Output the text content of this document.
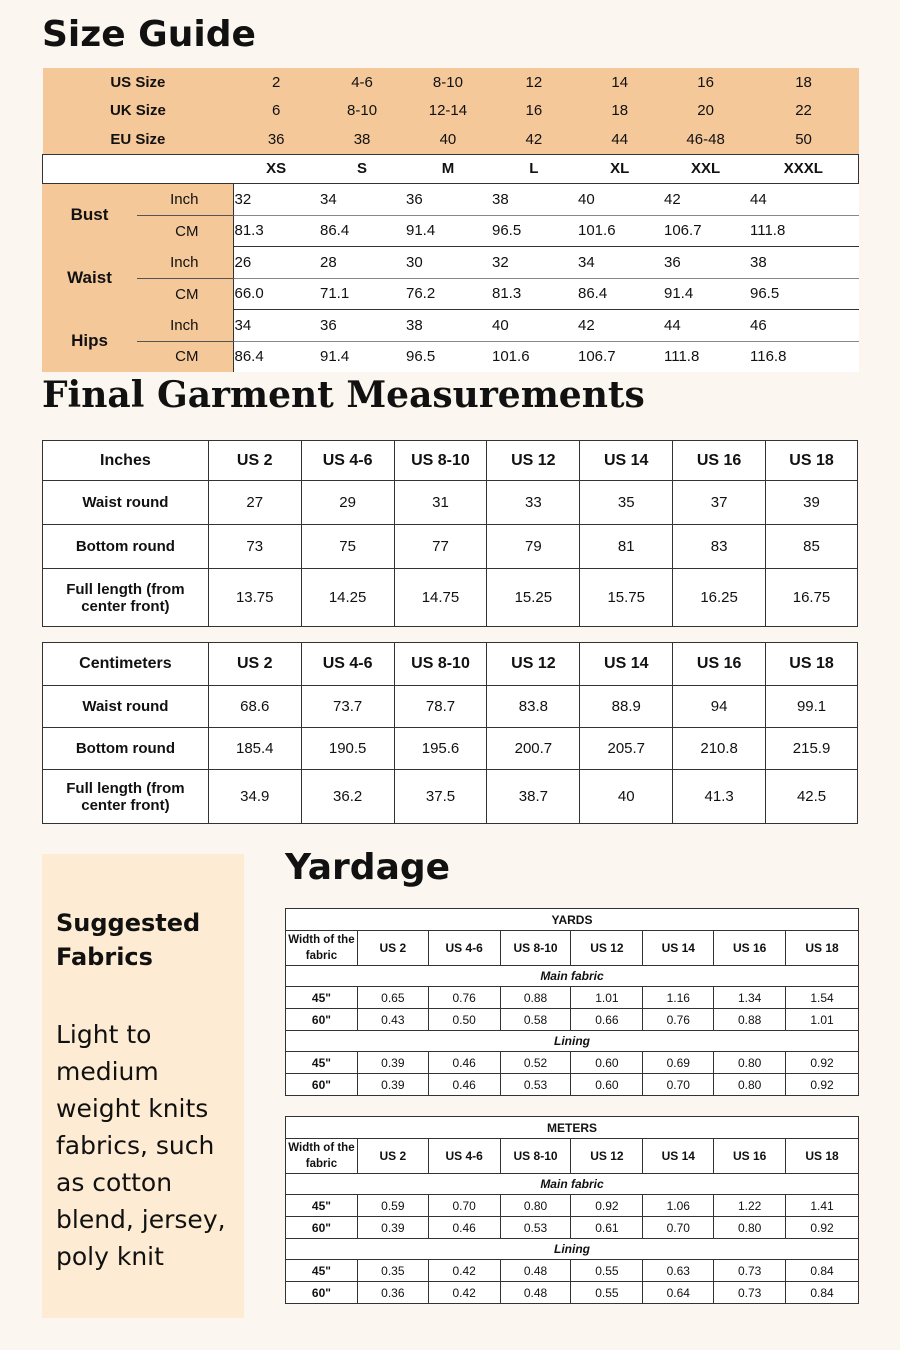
Size Guide
US Size	2	4-6	8-10	12	14	16	18
UK Size	6	8-10	12-14	16	18	20	22
EU Size	36	38	40	42	44	46-48	50
	XS	S	M	L	XL	XXL	XXXL
Bust	Inch	32	34	36	38	40	42	44
	CM	81.3	86.4	91.4	96.5	101.6	106.7	111.8
Waist	Inch	26	28	30	32	34	36	38
	CM	66.0	71.1	76.2	81.3	86.4	91.4	96.5
Hips	Inch	34	36	38	40	42	44	46
	CM	86.4	91.4	96.5	101.6	106.7	111.8	116.8
Final Garment Measurements
Inches	US 2	US 4-6	US 8-10	US 12	US 14	US 16	US 18
Waist round	27	29	31	33	35	37	39
Bottom round	73	75	77	79	81	83	85
Full length (from center front)	13.75	14.25	14.75	15.25	15.75	16.25	16.75
Centimeters	US 2	US 4-6	US 8-10	US 12	US 14	US 16	US 18
Waist round	68.6	73.7	78.7	83.8	88.9	94	99.1
Bottom round	185.4	190.5	195.6	200.7	205.7	210.8	215.9
Full length (from center front)	34.9	36.2	37.5	38.7	40	41.3	42.5
Suggested Fabrics
Light to medium weight knits fabrics, such as cotton blend, jersey, poly knit
Yardage
YARDS							
Width of the fabric	US 2	US 4-6	US 8-10	US 12	US 14	US 16	US 18
Main fabric							
45"	0.65	0.76	0.88	1.01	1.16	1.34	1.54
60"	0.43	0.50	0.58	0.66	0.76	0.88	1.01
Lining							
45"	0.39	0.46	0.52	0.60	0.69	0.80	0.92
60"	0.39	0.46	0.53	0.60	0.70	0.80	0.92
METERS							
Width of the fabric	US 2	US 4-6	US 8-10	US 12	US 14	US 16	US 18
Main fabric							
45"	0.59	0.70	0.80	0.92	1.06	1.22	1.41
60"	0.39	0.46	0.53	0.61	0.70	0.80	0.92
Lining							
45"	0.35	0.42	0.48	0.55	0.63	0.73	0.84
60"	0.36	0.42	0.48	0.55	0.64	0.73	0.84
